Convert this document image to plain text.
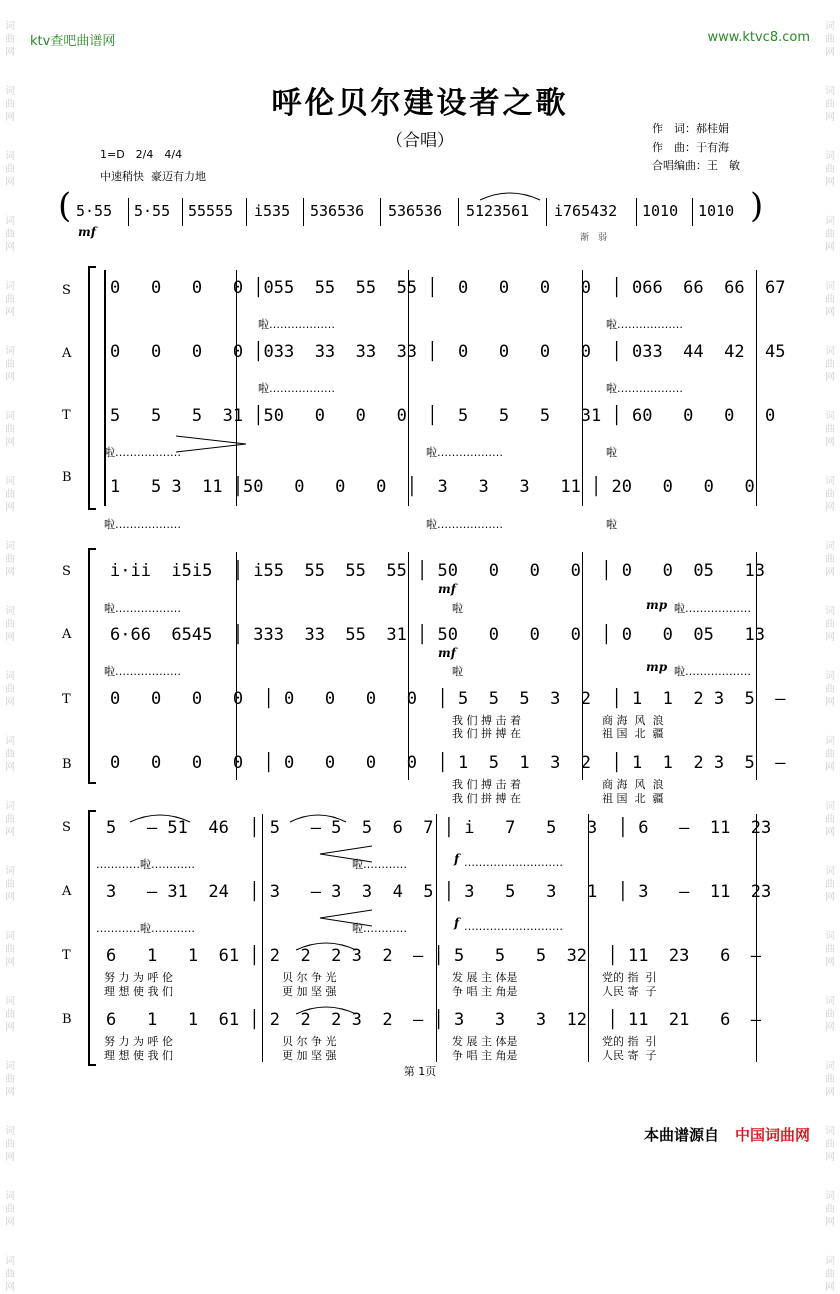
词
曲
网

词
曲
网

词
曲
网

词
曲
网

词
曲
网

词
曲
网

词
曲
网

词
曲
网

词
曲
网

词
曲
网

词
曲
网

词
曲
网

词
曲
网

词
曲
网

词
曲
网

词
曲
网

词
曲
网

词
曲
网

词
曲
网

词
曲
网
词
曲
网

词
曲
网

词
曲
网

词
曲
网

词
曲
网

词
曲
网

词
曲
网

词
曲
网

词
曲
网

词
曲
网

词
曲
网

词
曲
网

词
曲
网

词
曲
网

词
曲
网

词
曲
网

词
曲
网

词
曲
网

词
曲
网

词
曲
网
ktv查吧曲谱网	www.ktvc8.com
呼伦贝尔建设者之歌
（合唱）
作　词：郝桂娟
作　曲：于有海
合唱编曲：王　敏
1=D　2/4　4/4
中速稍快  豪迈有力地
(	)
5·55 5·55 55555 i535 536536 536536 5123561 i765432 1010 1010
mf	渐　弱
S
A
T
B
0   0   0   0 │055  55  55  55 │  0   0   0   0  │ 066  66  66  67
啦………………	啦………………
0   0   0   0 │033  33  33  33 │  0   0   0   0  │ 033  44  42  45
啦………………	啦………………
5   5   5  31 │50   0   0   0  │  5   5   5   31 │ 60   0   0   0
啦………………	啦………………	啦
1   5 3  11 │50   0   0   0  │  3   3   3   11 │ 20   0   0   0
啦………………	啦………………	啦
S
A
T
B
i·ii  i5i5  │ i55  55  55  55 │ 50   0   0   0  │ 0   0  05   13
mf
mp
啦………………	啦	啦………………
6·66  6545  │ 333  33  55  31 │ 50   0   0   0  │ 0   0  05   13
mf
mp
啦………………	啦	啦………………
0   0   0   0  │ 0   0   0   0  │ 5  5  5  3  2  │ 1  1  2 3  5  —
我 们 搏 击 着	商 海  风  浪
我 们 拼 搏 在	祖 国  北  疆
0   0   0   0  │ 0   0   0   0  │ 1  5  1  3  2  │ 1  1  2 3  5  —
我 们 搏 击 着	商 海  风  浪
我 们 拼 搏 在	祖 国  北  疆
S
A
T
B
5   — 51  46  │ 5   — 5  5  6  7 │ i   7   5   3  │ 6   —  11  23
…………啦…………	啦…………	f ………………………
3   — 31  24  │ 3   — 3  3  4  5 │ 3   5   3   1  │ 3   —  11  23
…………啦…………	啦…………	f ………………………
6   1   1  61 │ 2  2  2 3  2  — │ 5   5   5  32  │ 11  23   6  —
努 力 为 呼 伦	贝 尔 争 光	发 展 主 体是	党的 指  引
理 想 使 我 们	更 加 坚 强	争 唱 主 角是	人民 寄  子
6   1   1  61 │ 2  2  2 3  2  — │ 3   3   3  12  │ 11  21   6  —
努 力 为 呼 伦	贝 尔 争 光	发 展 主 体是	党的 指  引
理 想 使 我 们	更 加 坚 强	争 唱 主 角是	人民 寄  子
第 1页
本曲谱源自 中国词曲网
